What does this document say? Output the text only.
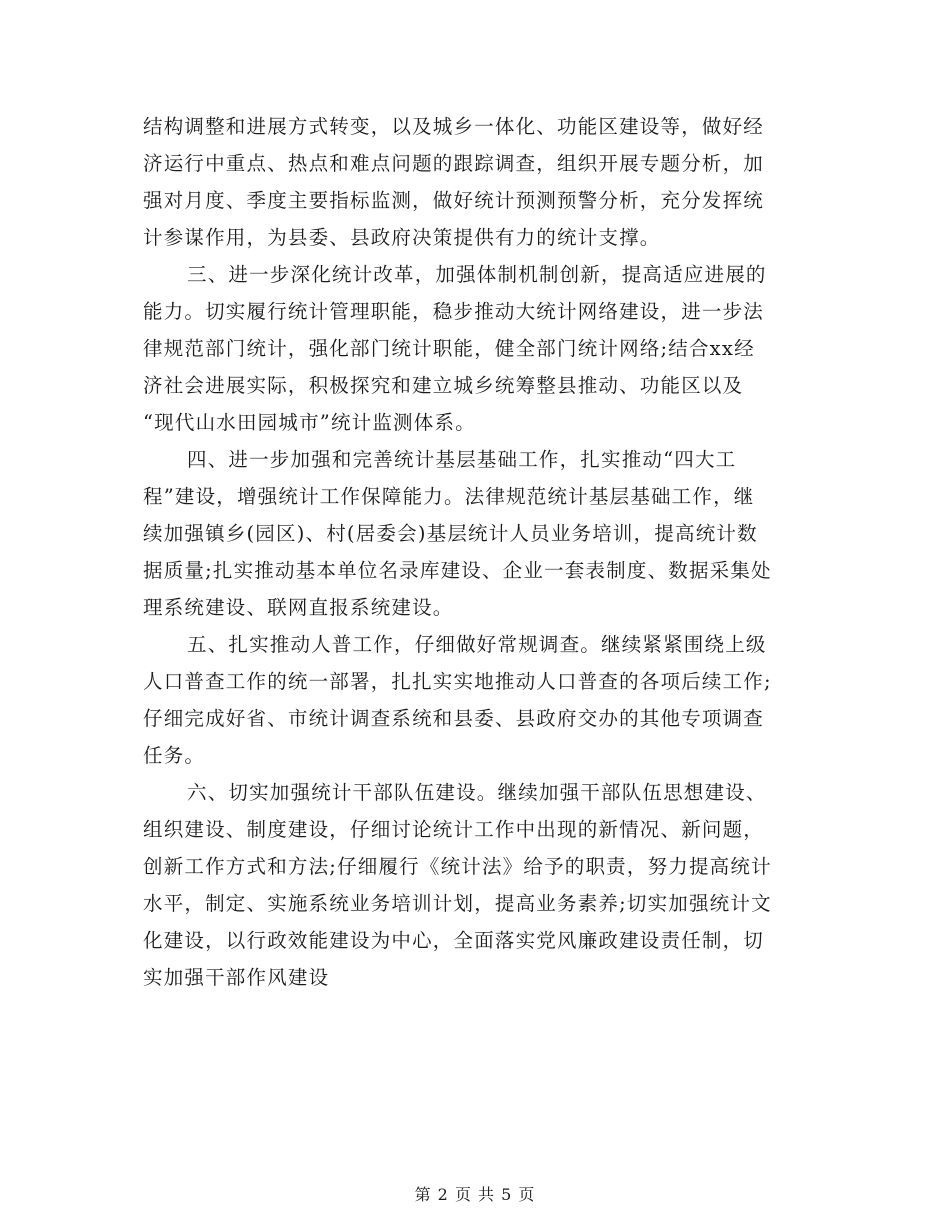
结构调整和进展方式转变，以及城乡一体化、功能区建设等，做好经
济运行中重点、热点和难点问题的跟踪调查，组织开展专题分析，加
强对月度、季度主要指标监测，做好统计预测预警分析，充分发挥统
计参谋作用，为县委、县政府决策提供有力的统计支撑。
三、进一步深化统计改革，加强体制机制创新，提高适应进展的
能力。切实履行统计管理职能，稳步推动大统计网络建设，进一步法
律规范部门统计，强化部门统计职能，健全部门统计网络;结合xx经
济社会进展实际，积极探究和建立城乡统筹整县推动、功能区以及
“现代山水田园城市”统计监测体系。
四、进一步加强和完善统计基层基础工作，扎实推动“四大工
程”建设，增强统计工作保障能力。法律规范统计基层基础工作，继
续加强镇乡(园区)、村(居委会)基层统计人员业务培训，提高统计数
据质量;扎实推动基本单位名录库建设、企业一套表制度、数据采集处
理系统建设、联网直报系统建设。
五、扎实推动人普工作，仔细做好常规调查。继续紧紧围绕上级
人口普查工作的统一部署，扎扎实实地推动人口普查的各项后续工作;
仔细完成好省、市统计调查系统和县委、县政府交办的其他专项调查
任务。
六、切实加强统计干部队伍建设。继续加强干部队伍思想建设、
组织建设、制度建设，仔细讨论统计工作中出现的新情况、新问题，
创新工作方式和方法;仔细履行《统计法》给予的职责，努力提高统计
水平，制定、实施系统业务培训计划，提高业务素养;切实加强统计文
化建设，以行政效能建设为中心，全面落实党风廉政建设责任制，切
实加强干部作风建设
第 2 页 共 5 页
